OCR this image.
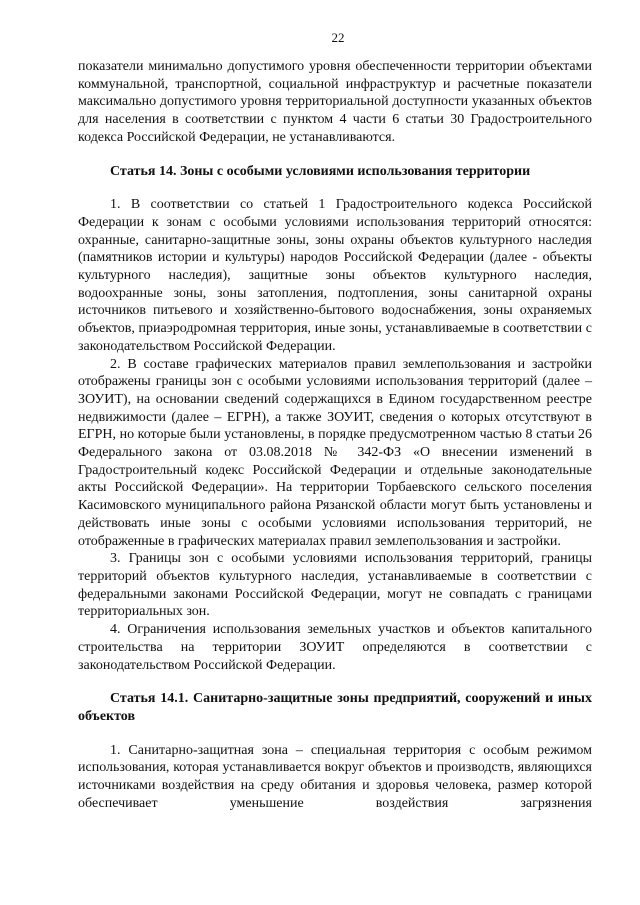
22

показатели минимально допустимого уровня обеспеченности территории объектами коммунальной, транспортной, социальной инфраструктур и расчетные показатели максимально допустимого уровня территориальной доступности указанных объектов для населения в соответствии с пунктом 4 части 6 статьи 30 Градостроительного кодекса Российской Федерации, не устанавливаются.

Статья 14. Зоны с особыми условиями использования территории

1. В соответствии со статьей 1 Градостроительного кодекса Российской Федерации к зонам с особыми условиями использования территорий относятся: охранные, санитарно-защитные зоны, зоны охраны объектов культурного наследия (памятников истории и культуры) народов Российской Федерации (далее - объекты культурного наследия), защитные зоны объектов культурного наследия, водоохранные зоны, зоны затопления, подтопления, зоны санитарной охраны источников питьевого и хозяйственно-бытового водоснабжения, зоны охраняемых объектов, приаэродромная территория, иные зоны, устанавливаемые в соответствии с законодательством Российской Федерации.

2. В составе графических материалов правил землепользования и застройки отображены границы зон с особыми условиями использования территорий (далее – ЗОУИТ), на основании сведений содержащихся в Едином государственном реестре недвижимости (далее – ЕГРН), а также ЗОУИТ, сведения о которых отсутствуют в ЕГРН, но которые были установлены, в порядке предусмотренном частью 8 статьи 26 Федерального закона от 03.08.2018 № 342-ФЗ «О внесении изменений в Градостроительный кодекс Российской Федерации и отдельные законодательные акты Российской Федерации». На территории Торбаевского сельского поселения Касимовского муниципального района Рязанской области могут быть установлены и действовать иные зоны с особыми условиями использования территорий, не отображенные в графических материалах правил землепользования и застройки.

3. Границы зон с особыми условиями использования территорий, границы территорий объектов культурного наследия, устанавливаемые в соответствии с федеральными законами Российской Федерации, могут не совпадать с границами территориальных зон.

4. Ограничения использования земельных участков и объектов капитального строительства на территории ЗОУИТ определяются в соответствии с законодательством Российской Федерации.

Статья 14.1. Санитарно-защитные зоны предприятий, сооружений и иных объектов

1. Санитарно-защитная зона – специальная территория с особым режимом использования, которая устанавливается вокруг объектов и производств, являющихся источниками воздействия на среду обитания и здоровья человека, размер которой обеспечивает уменьшение воздействия загрязнения
